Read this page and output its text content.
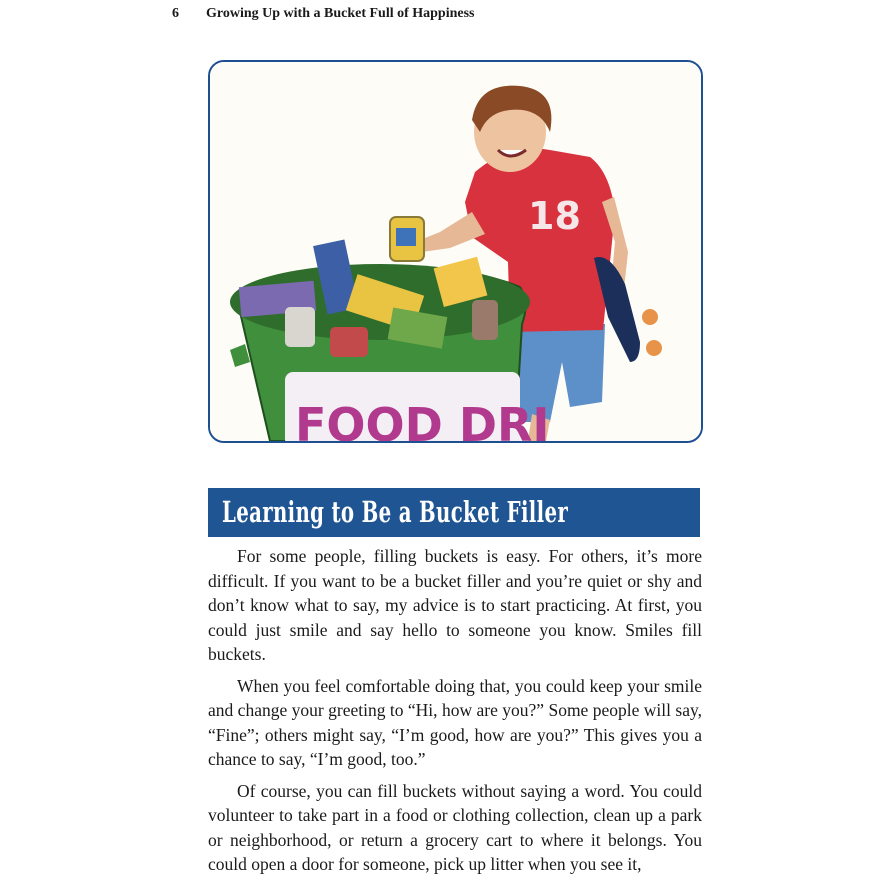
6 Growing Up with a Bucket Full of Happiness
18
FOOD DRI
Learning to Be a Bucket Filler

For some people, filling buckets is easy. For others, it’s more difficult. If you want to be a bucket filler and you’re quiet or shy and don’t know what to say, my advice is to start practicing. At first, you could just smile and say hello to someone you know. Smiles fill buckets.

When you feel comfortable doing that, you could keep your smile and change your greeting to “Hi, how are you?” Some people will say, “Fine”; others might say, “I’m good, how are you?” This gives you a chance to say, “I’m good, too.”

Of course, you can fill buckets without saying a word. You could volunteer to take part in a food or clothing collection, clean up a park or neighborhood, or return a grocery cart to where it belongs. You could open a door for someone, pick up litter when you see it,
